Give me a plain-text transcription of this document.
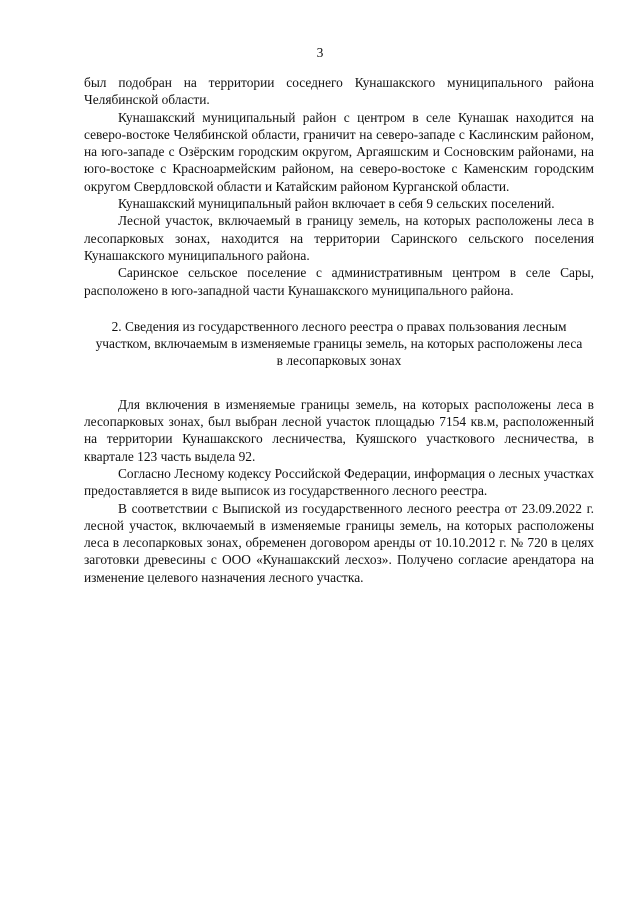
3

был подобран на территории соседнего Кунашакского муниципального района Челябинской области.

Кунашакский муниципальный район с центром в селе Кунашак находится на северо-востоке Челябинской области, граничит на северо-западе с Каслинским районом, на юго-западе с Озёрским городским округом, Аргаяшским и Сосновским районами, на юго-востоке с Красноармейским районом, на северо-востоке с Каменским городским округом Свердловской области и Катайским районом Курганской области.

Кунашакский муниципальный район включает в себя 9 сельских поселений.

Лесной участок, включаемый в границу земель, на которых расположены леса в лесопарковых зонах, находится на территории Саринского сельского поселения Кунашакского муниципального района.

Саринское сельское поселение с административным центром в селе Сары, расположено в юго-западной части Кунашакского муниципального района.

2. Сведения из государственного лесного реестра о правах пользования лесным участком, включаемым в изменяемые границы земель, на которых расположены леса в лесопарковых зонах

Для включения в изменяемые границы земель, на которых расположены леса в лесопарковых зонах, был выбран лесной участок площадью 7154 кв.м, расположенный на территории Кунашакского лесничества, Куяшского участкового лесничества, в квартале 123 часть выдела 92.

Согласно Лесному кодексу Российской Федерации, информация о лесных участках предоставляется в виде выписок из государственного лесного реестра.

В соответствии с Выпиской из государственного лесного реестра от 23.09.2022 г. лесной участок, включаемый в изменяемые границы земель, на которых расположены леса в лесопарковых зонах, обременен договором аренды от 10.10.2012 г. № 720 в целях заготовки древесины с ООО «Кунашакский лесхоз». Получено согласие арендатора на изменение целевого назначения лесного участка.
